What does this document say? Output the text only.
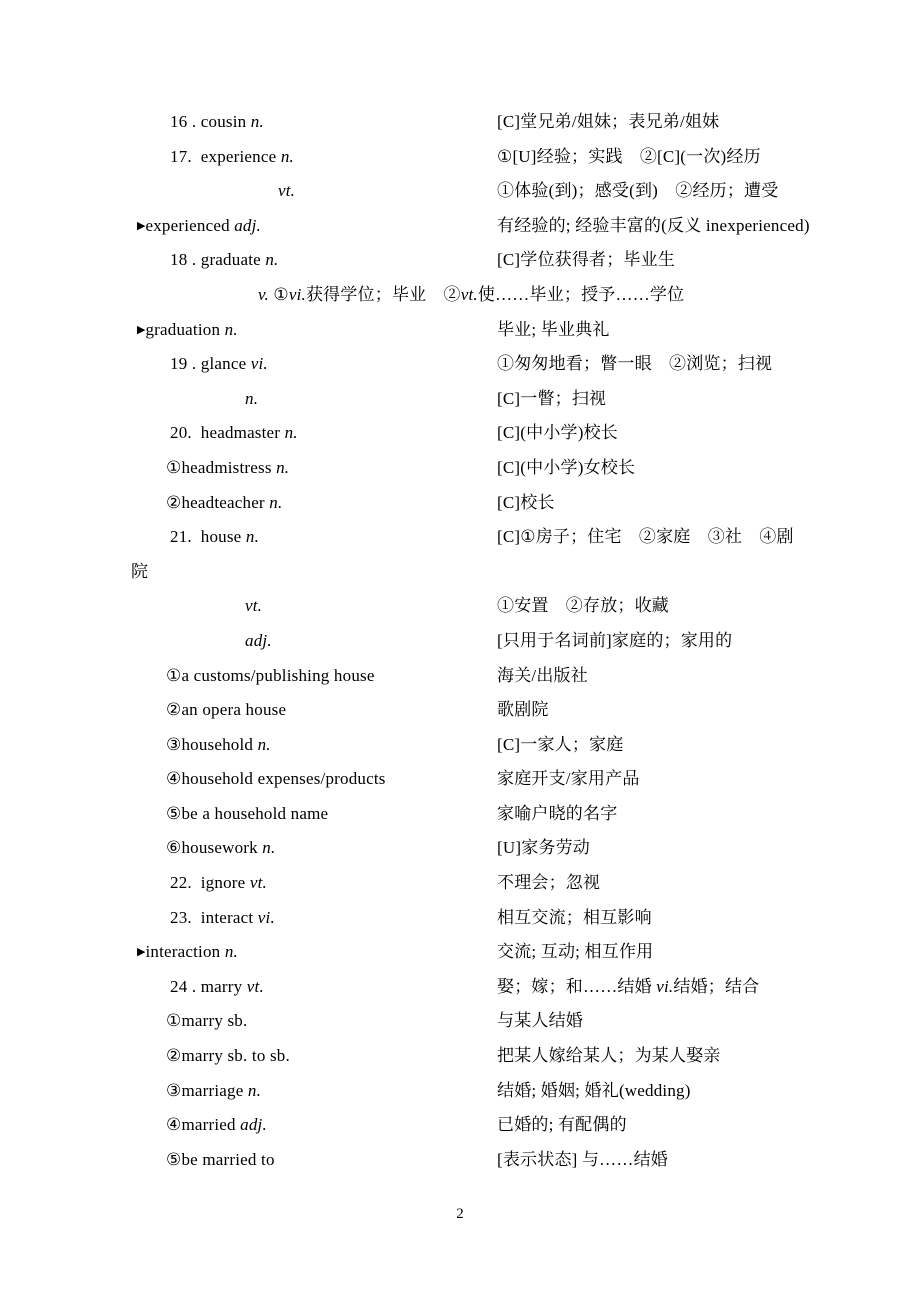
16 . cousin n.	[C]堂兄弟/姐妹；表兄弟/姐妹
17.  experience n.	①[U]经验；实践　②[C](一次)经历
vt.	①体验(到)；感受(到)　②经历；遭受
▶experienced adj.	有经验的; 经验丰富的(反义 inexperienced)
18 . graduate n.	[C]学位获得者；毕业生
v. ①vi.获得学位；毕业　②vt.使……毕业；授予……学位
▶graduation n.	毕业; 毕业典礼
19 . glance vi.	①匆匆地看；瞥一眼　②浏览；扫视
n.	[C]一瞥；扫视
20.  headmaster n.	[C](中小学)校长
①headmistress n.	[C](中小学)女校长
②headteacher n.	[C]校长
21.  house n.	[C]①房子；住宅　②家庭　③社　④剧
院
vt.	①安置　②存放；收藏
adj.	[只用于名词前]家庭的；家用的
①a customs/publishing house	海关/出版社
②an opera house	歌剧院
③household n.	[C]一家人；家庭
④household expenses/products	家庭开支/家用产品
⑤be a household name	家喻户晓的名字
⑥housework n.	[U]家务劳动
22.  ignore vt.	不理会；忽视
23.  interact vi.	相互交流；相互影响
▶interaction n.	交流; 互动; 相互作用
24 . marry vt.	娶；嫁；和……结婚 vi.结婚；结合
①marry sb.	与某人结婚
②marry sb. to sb.	把某人嫁给某人；为某人娶亲
③marriage n.	结婚; 婚姻; 婚礼(wedding)
④married adj.	已婚的; 有配偶的
⑤be married to	[表示状态] 与……结婚
2
